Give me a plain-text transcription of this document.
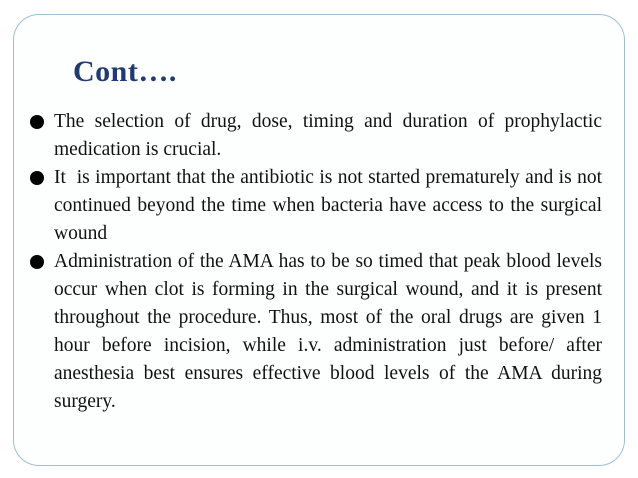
Cont….
The selection of drug, dose, timing and duration of prophylactic medication is crucial.
It  is important that the antibiotic is not started prematurely and is not continued beyond the time when bacteria have access to the surgical wound
Administration of the AMA has to be so timed that peak blood levels occur when clot is forming in the surgical wound, and it is present throughout the procedure. Thus, most of the oral drugs are given 1 hour before incision, while i.v. administration just before/ after anesthesia best ensures effective blood levels of the AMA during surgery.
